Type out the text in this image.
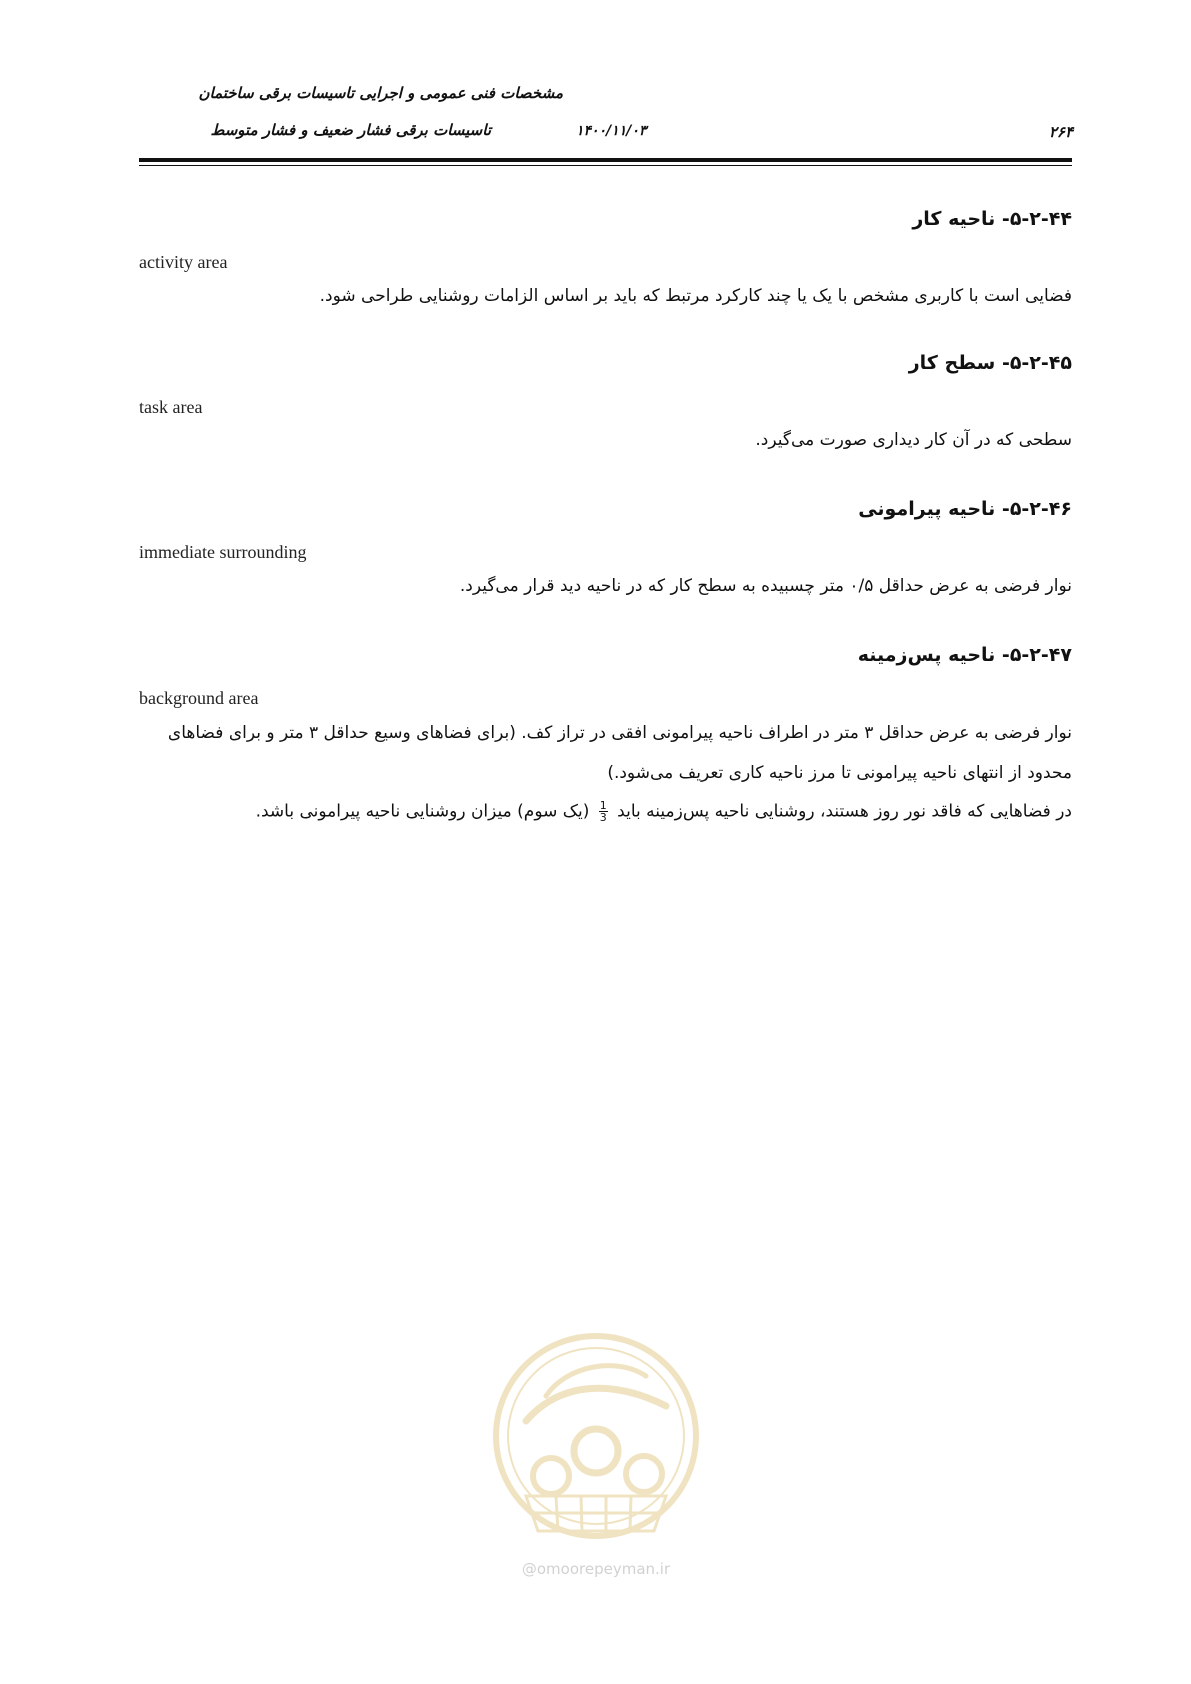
مشخصات فنی عمومی و اجرایی تاسیسات برقی ساختمان
تاسیسات برقی فشار ضعیف و فشار متوسط	۱۴۰۰/۱۱/۰۳	۲۶۴
۵-۲-۴۴- ناحیه کار
activity area
فضایی است با کاربری مشخص با یک یا چند کارکرد مرتبط که باید بر اساس الزامات روشنایی طراحی شود.
۵-۲-۴۵- سطح کار
task area
سطحی که در آن کار دیداری صورت می‌گیرد.
۵-۲-۴۶- ناحیه پیرامونی
immediate surrounding
نوار فرضی به عرض حداقل ۰/۵ متر چسبیده به سطح کار که در ناحیه دید قرار می‌گیرد.
۵-۲-۴۷- ناحیه پس‌زمینه
background area
نوار فرضی به عرض حداقل ۳ متر در اطراف ناحیه پیرامونی افقی در تراز کف. (برای فضاهای وسیع حداقل ۳ متر و برای فضاهای محدود از انتهای ناحیه پیرامونی تا مرز ناحیه کاری تعریف می‌شود.)
در فضاهایی که فاقد نور روز هستند، روشنایی ناحیه پس‌زمینه باید
$\frac{1}{3}$
(یک سوم) میزان روشنایی ناحیه پیرامونی باشد.
@omoorepeyman.ir
